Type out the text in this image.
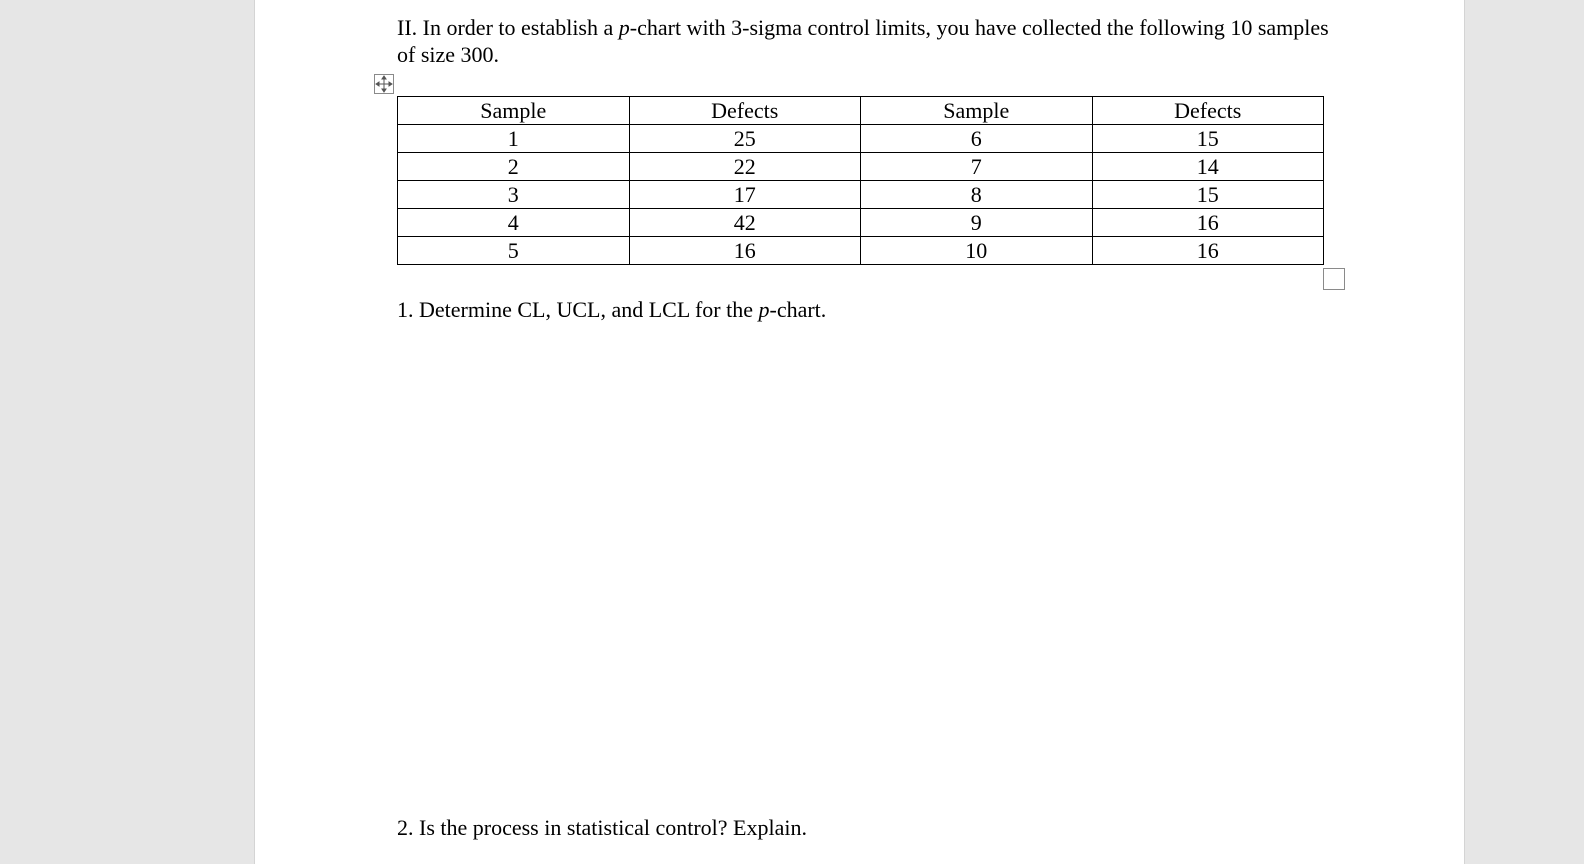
II. In order to establish a p-chart with 3-sigma control limits, you have collected the following 10 samples of size 300.
Sample	Defects	Sample	Defects
1	25	6	15
2	22	7	14
3	17	8	15
4	42	9	16
5	16	10	16
1. Determine CL, UCL, and LCL for the p-chart.
2. Is the process in statistical control? Explain.
